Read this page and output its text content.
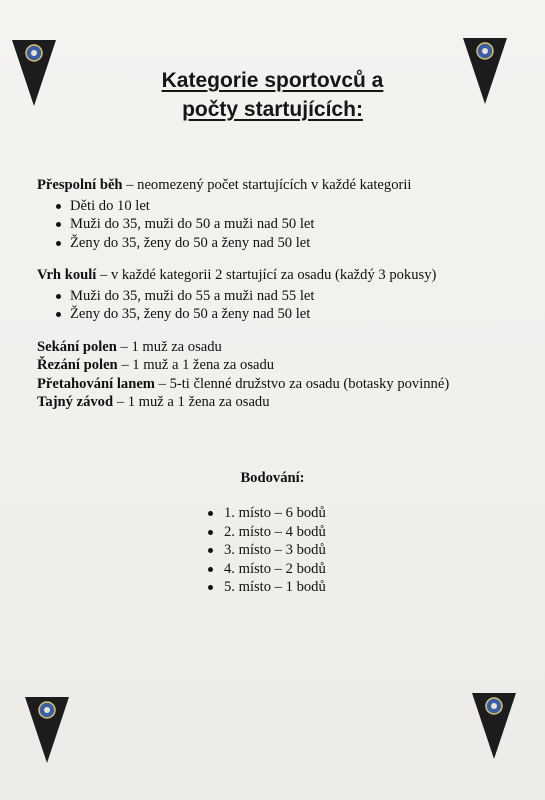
Kategorie sportovců a
počty startujících:
Přespolní běh – neomezený počet startujících v každé kategorii
Děti do 10 let
Muži do 35, muži do 50 a muži nad 50 let
Ženy do 35, ženy do 50 a ženy nad 50 let
Vrh koulí – v každé kategorii 2 startující za osadu (každý 3 pokusy)
Muži do 35, muži do 55 a muži nad 55 let
Ženy do 35, ženy do 50 a ženy nad 50 let
Sekání polen – 1 muž za osadu
Řezání polen – 1 muž a 1 žena za osadu
Přetahování lanem – 5-ti členné družstvo za osadu (botasky povinné)
Tajný závod – 1 muž a 1 žena za osadu
Bodování:
1. místo – 6 bodů
2. místo – 4 bodů
3. místo – 3 bodů
4. místo – 2 bodů
5. místo – 1 bodů
